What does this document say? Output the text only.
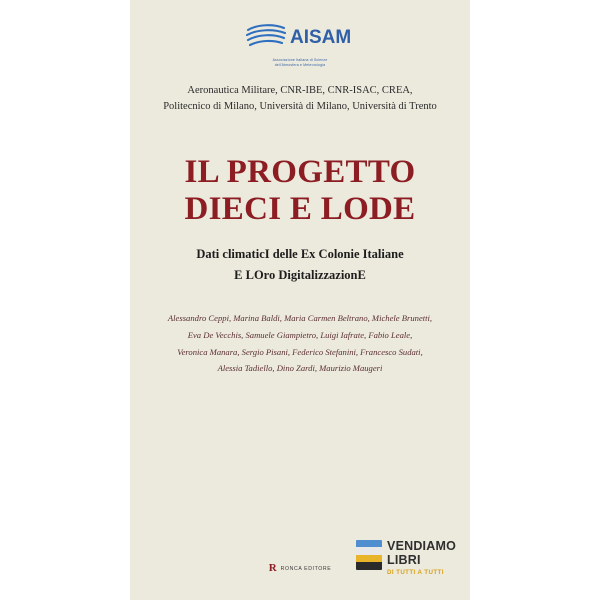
AISAM
Associazione Italiana di Scienze
dell'Atmosfera e Meteorologia
Aeronautica Militare, CNR-IBE, CNR-ISAC, CREA,
Politecnico di Milano, Università di Milano, Università di Trento
IL PROGETTO
DIECI E LODE
Dati climaticI delle Ex Colonie Italiane
E LOro DigitalizzazionE
Alessandro Ceppi, Marina Baldi, Maria Carmen Beltrano, Michele Brunetti,
Eva De Vecchis, Samuele Giampietro, Luigi Iafrate, Fabio Leale,
Veronica Manara, Sergio Pisani, Federico Stefanini, Francesco Sudati,
Alessia Tadiello, Dino Zardi, Maurizio Maugeri
R RONCA EDITORE
VENDIAMO
LIBRI
DI TUTTI A TUTTI
